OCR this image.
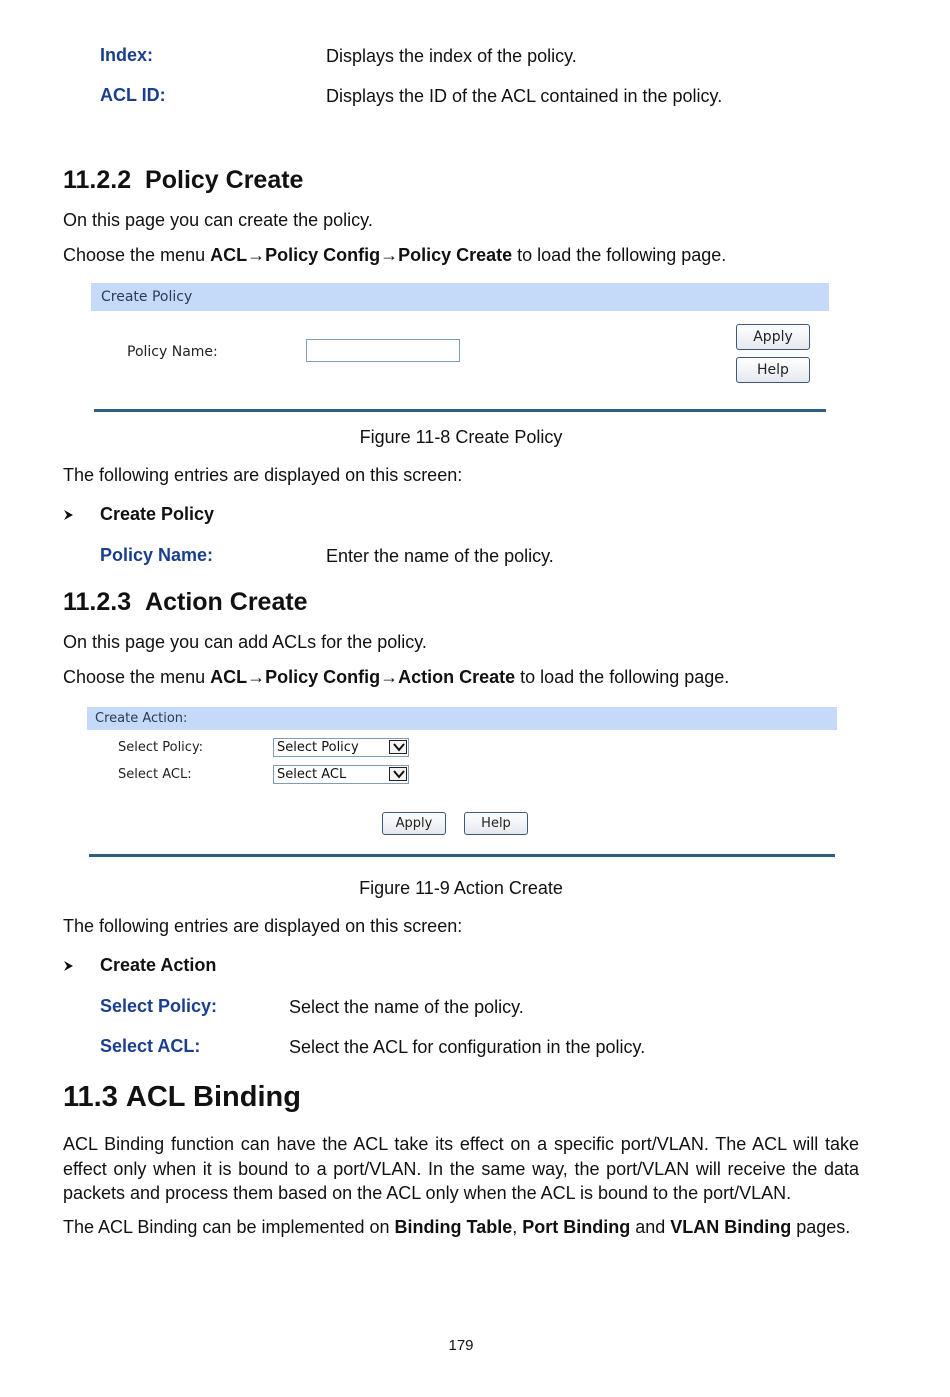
Index:	Displays the index of the policy.
ACL ID:	Displays the ID of the ACL contained in the policy.
11.2.2 Policy Create
On this page you can create the policy.
Choose the menu ACL→Policy Config→Policy Create to load the following page.
Create Policy
Policy Name:
Apply
Help
Figure 11-8 Create Policy
The following entries are displayed on this screen:
Create Policy
Policy Name:	Enter the name of the policy.
11.2.3 Action Create
On this page you can add ACLs for the policy.
Choose the menu ACL→Policy Config→Action Create to load the following page.
Create Action:
Select Policy:	Select Policy
Select ACL:	Select ACL
Apply	Help
Figure 11-9 Action Create
The following entries are displayed on this screen:
Create Action
Select Policy:	Select the name of the policy.
Select ACL:	Select the ACL for configuration in the policy.
11.3 ACL Binding
ACL Binding function can have the ACL take its effect on a specific port/VLAN. The ACL will take effect only when it is bound to a port/VLAN. In the same way, the port/VLAN will receive the data packets and process them based on the ACL only when the ACL is bound to the port/VLAN.
The ACL Binding can be implemented on Binding Table, Port Binding and VLAN Binding pages.
179
